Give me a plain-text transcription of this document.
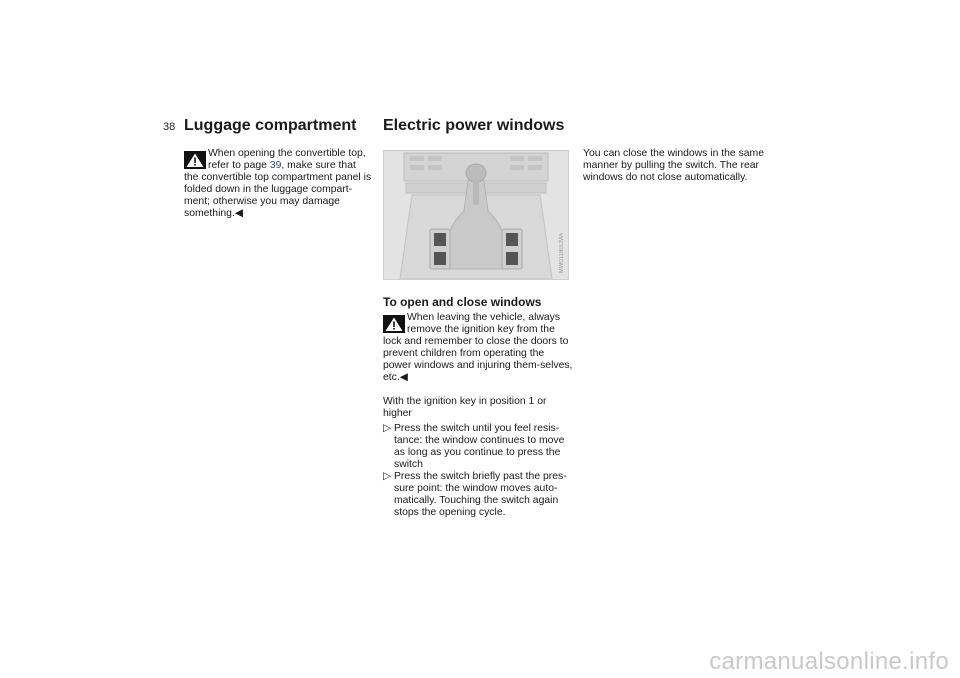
38 Luggage compartment
When opening the convertible top,
refer to page 39, make sure that
the convertible top compartment panel is folded down in the luggage compart-ment; otherwise you may damage something.◀
Electric power windows
MW01180CMA
To open and close windows
When leaving the vehicle, always
remove the ignition key from the
lock and remember to close the doors to prevent children from operating the power windows and injuring them-selves, etc.◀
With the ignition key in position 1 or higher
▷ Press the switch until you feel resis-tance: the window continues to move as long as you continue to press the switch
▷ Press the switch briefly past the pres-sure point: the window moves auto-matically. Touching the switch again stops the opening cycle.
You can close the windows in the same manner by pulling the switch. The rear windows do not close automatically.
carmanualsonline.info
